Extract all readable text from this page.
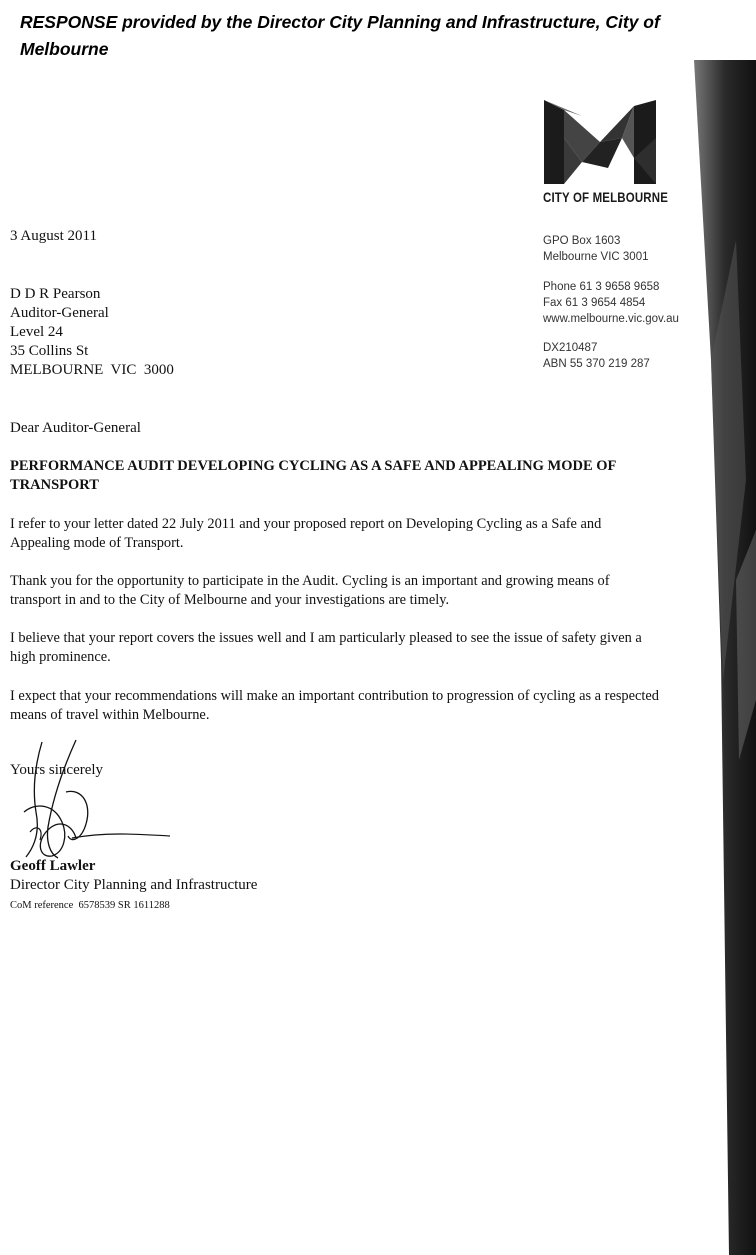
RESPONSE provided by the Director City Planning and Infrastructure, City of Melbourne
CITY OF MELBOURNE
GPO Box 1603
Melbourne VIC 3001
Phone 61 3 9658 9658
Fax 61 3 9654 4854
www.melbourne.vic.gov.au
DX210487
ABN 55 370 219 287
3 August 2011
D D R Pearson
Auditor-General
Level 24
35 Collins St
MELBOURNE  VIC  3000
Dear Auditor-General
PERFORMANCE AUDIT DEVELOPING CYCLING AS A SAFE AND APPEALING MODE OF TRANSPORT
I refer to your letter dated 22 July 2011 and your proposed report on Developing Cycling as a Safe and Appealing mode of Transport.
Thank you for the opportunity to participate in the Audit. Cycling is an important and growing means of transport in and to the City of Melbourne and your investigations are timely.
I believe that your report covers the issues well and I am particularly pleased to see the issue of safety given a high prominence.
I expect that your recommendations will make an important contribution to progression of cycling as a respected means of travel within Melbourne.
Yours sincerely
Geoff Lawler
Director City Planning and Infrastructure
CoM reference  6578539 SR 1611288
